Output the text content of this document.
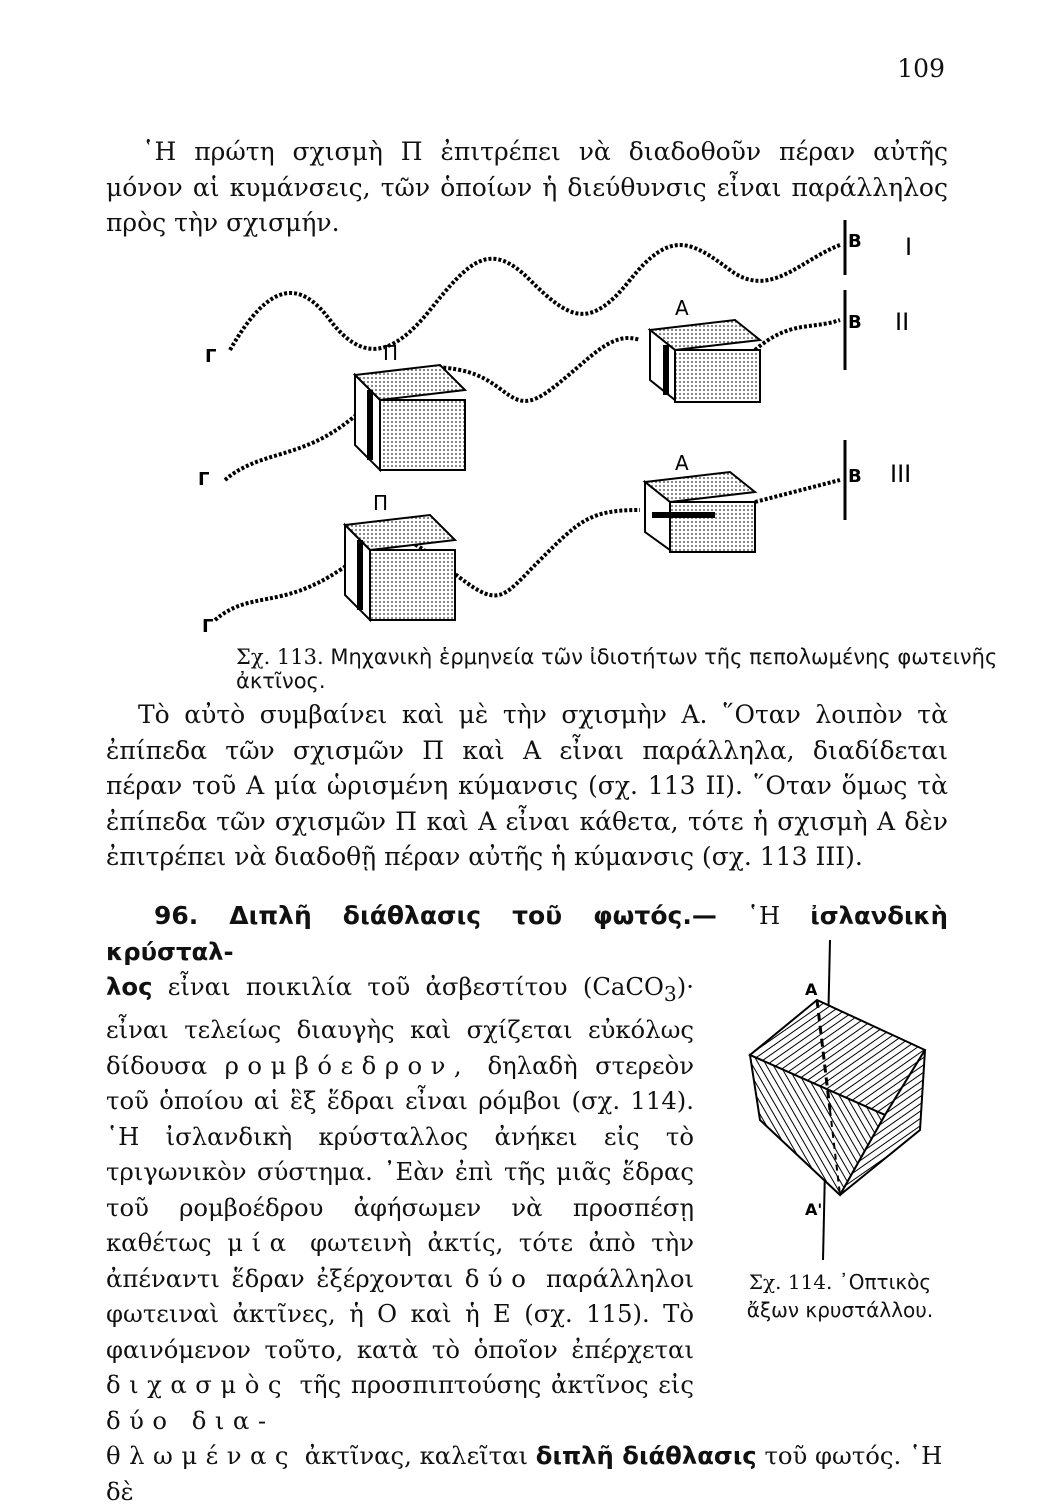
109

῾Η πρώτη σχισμὴ Π ἐπιτρέπει νὰ διαδοθοῦν πέραν αὐτῆς μόνον αἱ κυμάνσεις, τῶν ὁποίων ἡ διεύθυνσις εἶναι παράλληλος πρὸς τὴν σχισμήν.

I
II
III
Β
Β
Β
Γ
Γ
Γ
Π
Π
Α
Α
Σχ. 113. Μηχανικὴ ἑρμηνεία τῶν ἰδιοτήτων τῆς πεπολωμένης φωτεινῆς ἀκτῖνος.

Τὸ αὐτὸ συμβαίνει καὶ μὲ τὴν σχισμὴν Α. ῞Οταν λοιπὸν τὰ ἐπίπεδα τῶν σχισμῶν Π καὶ Α εἶναι παράλληλα, διαδίδεται πέραν τοῦ Α μία ὡρισμένη κύμανσις (σχ. 113 II). ῞Οταν ὅμως τὰ ἐπίπεδα τῶν σχισμῶν Π καὶ Α εἶναι κάθετα, τότε ἡ σχισμὴ Α δὲν ἐπιτρέπει νὰ διαδοθῇ πέραν αὐτῆς ἡ κύμανσις (σχ. 113 III).

96. Διπλῆ διάθλασις τοῦ φωτός.— ῾Η ἰσλανδικὴ κρύσταλ-
λος εἶναι ποικιλία τοῦ ἀσβεστίτου (CaCO$_3$)· εἶναι τελείως διαυγὴς καὶ σχίζεται εὐκόλως δίδουσα ρομβόεδρον, δηλαδὴ στερεὸν τοῦ ὁποίου αἱ ἓξ ἕδραι εἶναι ρόμβοι (σχ. 114). ῾Η ἰσλανδικὴ κρύσταλλος ἀνήκει εἰς τὸ τριγωνικὸν σύστημα. ᾽Εὰν ἐπὶ τῆς μιᾶς ἕδρας τοῦ ρομβοέδρου ἀφήσωμεν νὰ προσπέσῃ καθέτως μία φωτεινὴ ἀκτίς, τότε ἀπὸ τὴν ἀπέναντι ἕδραν ἐξέρχονται δύο παράλληλοι φωτειναὶ ἀκτῖνες, ἡ Ο καὶ ἡ Ε (σχ. 115). Τὸ φαινόμενον τοῦτο, κατὰ τὸ ὁποῖον ἐπέρχεται διχασμὸς τῆς προσπιπτούσης ἀκτῖνος εἰς δύο δια-
θλωμένας ἀκτῖνας, καλεῖται διπλῆ διάθλασις τοῦ φωτός. ῾Η δὲ
Α
Α'
Σχ. 114. ᾽Οπτικὸς
ἄξων κρυστάλλου.
